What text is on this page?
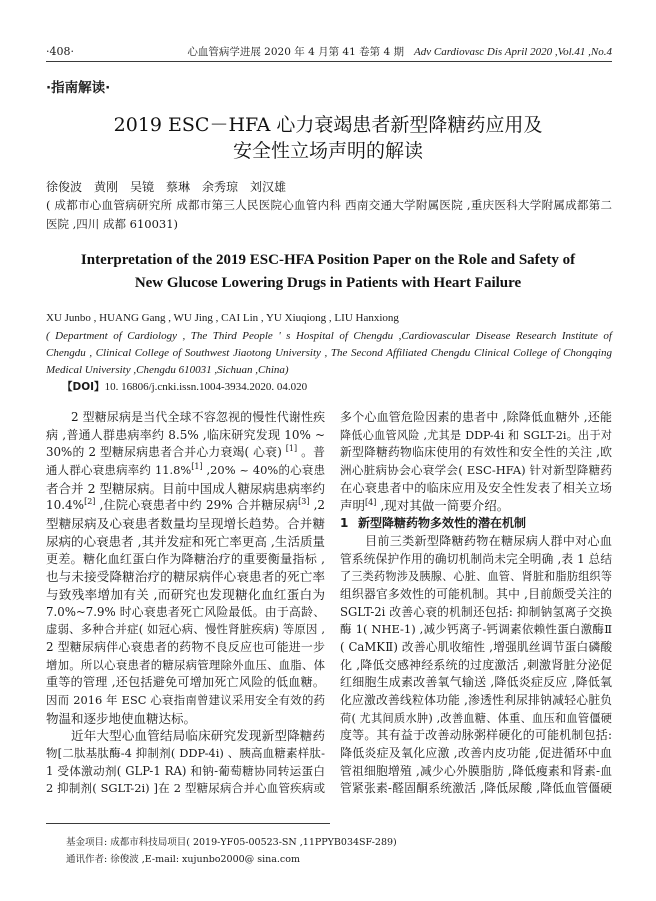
·408·	心血管病学进展 2020 年 4 月第 41 卷第 4 期 Adv Cardiovasc Dis April 2020 ,Vol.41 ,No.4
·指南解读·
2019 ESC－HFA 心力衰竭患者新型降糖药应用及
安全性立场声明的解读
徐俊波　黄刚　吴镜　蔡琳　余秀琼　刘汉雄
( 成都市心血管病研究所 成都市第三人民医院心血管内科 西南交通大学附属医院 ,重庆医科大学附属成都第二
医院 ,四川 成都 610031)
Interpretation of the 2019 ESC-HFA Position Paper on the Role and Safety of
New Glucose Lowering Drugs in Patients with Heart Failure
XU Junbo , HUANG Gang , WU Jing , CAI Lin , YU Xiuqiong , LIU Hanxiong
( Department of Cardiology , The Third People ' s Hospital of Chengdu ,Cardiovascular Disease Research Institute of
Chengdu , Clinical College of Southwest Jiaotong University , The Second Affiliated Chengdu Clinical College of Chongqing
Medical University ,Chengdu 610031 ,Sichuan ,China)
【DOI】10. 16806/j.cnki.issn.1004-3934.2020. 04.020
2 型糖尿病是当代全球不容忽视的慢性代谢性疾
病 ,普通人群患病率约 8.5% ,临床研究发现 10% ~
30%的 2 型糖尿病患者合并心力衰竭( 心衰) [1] 。普
通人群心衰患病率约 11.8%[1] ,20% ~ 40%的心衰患
者合并 2 型糖尿病。目前中国成人糖尿病患病率约
10.4%[2] ,住院心衰患者中约 29% 合并糖尿病[3] ,2
型糖尿病及心衰患者数量均呈现增长趋势。合并糖
尿病的心衰患者 ,其并发症和死亡率更高 ,生活质量
更差。糖化血红蛋白作为降糖治疗的重要衡量指标 ,
也与未接受降糖治疗的糖尿病伴心衰患者的死亡率
与致残率增加有关 ,而研究也发现糖化血红蛋白为
7.0%~7.9% 时心衰患者死亡风险最低。由于高龄、
虚弱、多种合并症( 如冠心病、慢性肾脏疾病) 等原因 ,
2 型糖尿病伴心衰患者的药物不良反应也可能进一步
增加。所以心衰患者的糖尿病管理除外血压、血脂、体
重等的管理 ,还包括避免可增加死亡风险的低血糖。
因而 2016 年 ESC 心衰指南曾建议采用安全有效的药
物温和逐步地使血糖达标。
近年大型心血管结局临床研究发现新型降糖药
物[二肽基肽酶-4 抑制剂( DDP-4i) 、胰高血糖素样肽-
1 受体激动剂( GLP-1 RA) 和钠-葡萄糖协同转运蛋白
2 抑制剂( SGLT-2i) ]在 2 型糖尿病合并心血管疾病或
多个心血管危险因素的患者中 ,除降低血糖外 ,还能
降低心血管风险 ,尤其是 DDP-4i 和 SGLT-2i。出于对
新型降糖药物临床使用的有效性和安全性的关注 ,欧
洲心脏病协会心衰学会( ESC-HFA) 针对新型降糖药
在心衰患者中的临床应用及安全性发表了相关立场
声明[4] ,现对其做一简要介绍。
1 新型降糖药物多效性的潜在机制
目前三类新型降糖药物在糖尿病人群中对心血
管系统保护作用的确切机制尚未完全明确 ,表 1 总结
了三类药物涉及胰腺、心脏、血管、肾脏和脂肪组织等
组织器官多效性的可能机制。其中 ,目前颇受关注的
SGLT-2i 改善心衰的机制还包括: 抑制钠氢离子交换
酶 1( NHE-1) ,减少钙离子-钙调素依赖性蛋白激酶Ⅱ
( CaMKⅡ) 改善心肌收缩性 ,增强肌丝调节蛋白磷酸
化 ,降低交感神经系统的过度激活 ,刺激肾脏分泌促
红细胞生成素改善氧气输送 ,降低炎症反应 ,降低氧
化应激改善线粒体功能 ,渗透性利尿排钠减轻心脏负
荷( 尤其间质水肿) ,改善血糖、体重、血压和血管僵硬
度等。其有益于改善动脉粥样硬化的可能机制包括:
降低炎症及氧化应激 ,改善内皮功能 ,促进循环中血
管祖细胞增殖 ,减少心外膜脂肪 ,降低瘦素和肾素-血
管紧张素-醛固酮系统激活 ,降低尿酸 ,降低血管僵硬
基金项目: 成都市科技局项目( 2019-YF05-00523-SN ,11PPYB034SF-289)
通讯作者: 徐俊波 ,E-mail: xujunbo2000@ sina.com
